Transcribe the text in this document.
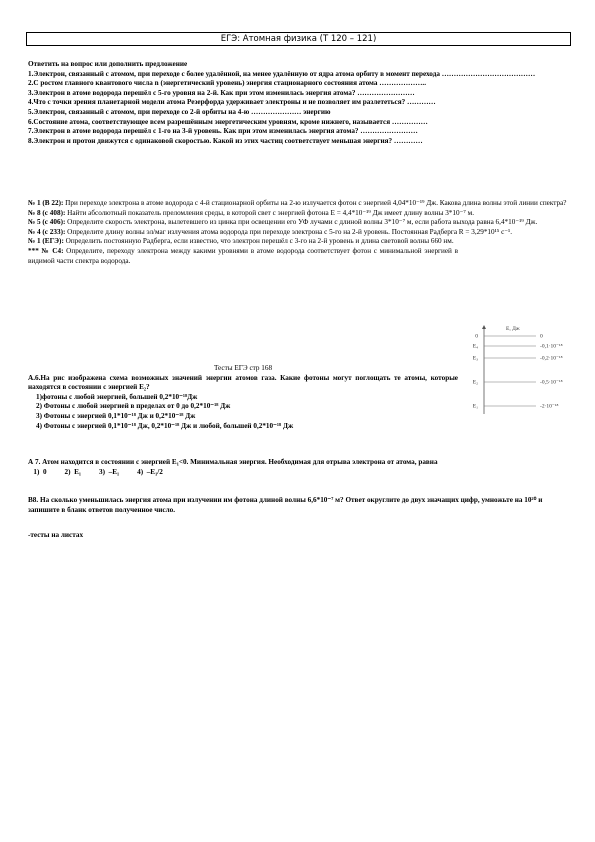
ЕГЭ: Атомная физика (Т 120 – 121)
Ответить на вопрос или дополнить предложение
1.Электрон, связанный с атомом, при переходе с более удалённой, на менее удалённую от ядра атома орбиту в момент перехода …………………………………
2.С ростом главного квантового числа n (энергетический уровень) энергия стационарного состояния атома ………………..
3.Электрон в атоме водорода перешёл с 5-го уровня на 2-й. Как при этом изменилась энергия атома? ……………………
4.Что с точки зрения планетарной модели атома Резерфорда удерживает электроны и не позволяет им разлететься? …………
5.Электрон, связанный с атомом, при переходе со 2-й орбиты на 4-ю ………………… энергию
6.Состояние атома, соответствующее всем разрешённым энергетическим уровням, кроме нижнего, называется ……………
7.Электрон в атоме водорода перешёл с 1-го на 3-й уровень. Как при этом изменилась энергия атома? ……………………
8.Электрон и протон движутся с одинаковой скоростью. Какой из этих частиц соответствует меньшая энергия? …………
№ 1 (В 22): При переходе электрона в атоме водорода с 4-й стационарной орбиты на 2-ю излучается фотон с энергией 4,04*10⁻¹⁹ Дж. Какова длина волны этой линии спектра?
№ 8 (с 408): Найти абсолютный показатель преломления среды, в которой свет с энергией фотона Е = 4,4*10⁻¹⁹ Дж имеет длину волны 3*10⁻⁷ м.
№ 5 (с 406): Определите скорость электрона, вылетевшего из цинка при освещении его УФ лучами с длиной волны 3*10⁻⁷ м, если работа выхода равна 6,4*10⁻¹⁹ Дж.
№ 4 (с 233): Определите длину волны эл/маг излучения атома водорода при переходе электрона с 5-го на 2-й уровень. Постоянная Радберга R = 3,29*10¹⁵ с⁻¹.
№ 1 (ЕГЭ): Определить постоянную Радберга, если известно, что электрон перешёл с 3-го на 2-й уровень и длина световой волны 660 нм.
*** № С4: Определите, переходу электрона между какими уровнями в атоме водорода соответствует фотон с минимальной энергией в видимой части спектра водорода.
E, Дж
0	0
E₄	-0,1·10⁻¹⁸
E₃	-0,2·10⁻¹⁸
E₂	-0,5·10⁻¹⁸
E₁	-2·10⁻¹⁸
Тесты ЕГЭ стр 168
А.6.На рис изображена схема возможных значений энергии атомов газа. Какие фотоны могут поглощать те атомы, которые находятся в состоянии с энергией E₂?
1)фотоны с любой энергией, большей 0,2*10⁻¹⁸Дж
2) Фотоны с любой энергией в пределах от 0 до 0,2*10⁻¹⁸ Дж
3) Фотоны с энергией 0,1*10⁻¹⁸ Дж и 0,2*10⁻¹⁸ Дж
4) Фотоны с энергией 0,1*10⁻¹⁸ Дж, 0,2*10⁻¹⁸ Дж и любой, большей 0,2*10⁻¹⁸ Дж
А 7. Атом находится в состоянии с энергией E₁<0. Минимальная энергия. Необходимая для отрыва электрона от атома, равна
1)  0          2)  E₁          3)  –E₁          4)  –E₁/2
В8. На сколько уменьшилась энергия атома при излучении им фотона длиной волны 6,6*10⁻⁷ м? Ответ округлите до двух значащих цифр, умножьте на 10²⁰ и запишите в бланк ответов полученное число.
-тесты на листах
